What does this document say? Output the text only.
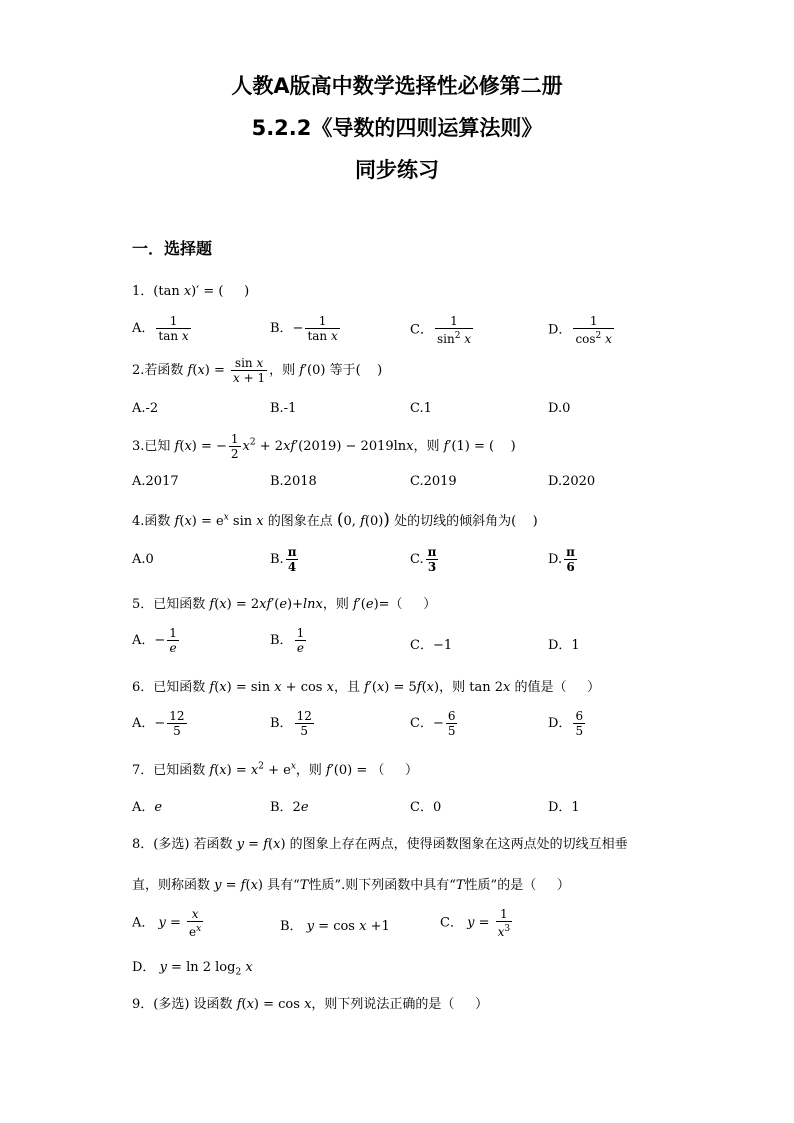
人教A版高中数学选择性必修第二册
5.2.2《导数的四则运算法则》
同步练习
一．选择题
1．(tan x)′ = (     )
A． $\frac{1}{\text{tan x}}$	B．− $\frac{1}{\text{tan x}}$	C． $\frac{1}{\sin^2 x}$	D． $\frac{1}{\cos^2 x}$
2.若函数 $f(x) = \frac{\text{sin x}}{x + 1}$ ，则 f′(0) 等于(    )
A.-2	B.-1	C.1	D.0
3.已知 f(x) = − $\frac{1}{2} x^2 + 2xf'(2019) - 2019\ln x$，则 f′(1) = (    )
A.2017	B.2018	C.2019	D.2020
4.函数 $f(x) = e^x$ sin x 的图象在点 (0, f(0)) 处的切线的倾斜角为(    )
A.0	B. $\frac{\pi}{4}$	C. $\frac{\pi}{3}$	D. $\frac{\pi}{6}$
5．已知函数 f(x) = 2xf′(e)+lnx，则 f′(e)=（     ）
A．− $\frac{1}{e}$	B． $\frac{1}{e}$	C．−1	D．1
6．已知函数 f(x) = sin x + cos x，且 f′(x) = 5f(x)，则 tan 2x 的值是（     ）
A．− $\frac{12}{5}$	B． $\frac{12}{5}$	C．− $\frac{6}{5}$	D． $\frac{6}{5}$
7．已知函数 $f(x) = x^2 + e^x$，则 f′(0) = （     ）
A．e	B．2e	C．0	D．1
8．(多选) 若函数 y = f(x) 的图象上存在两点，使得函数图象在这两点处的切线互相垂
直，则称函数 y = f(x) 具有“T性质”.则下列函数中具有“T性质”的是（     ）
A． $y = \frac{x}{e^x}$	B． y = cos x +1	C． $y = \frac{1}{x^3}$
D． y = ln 2 $\log_2 x$
9．(多选) 设函数 f(x) = cos x，则下列说法正确的是（     ）
